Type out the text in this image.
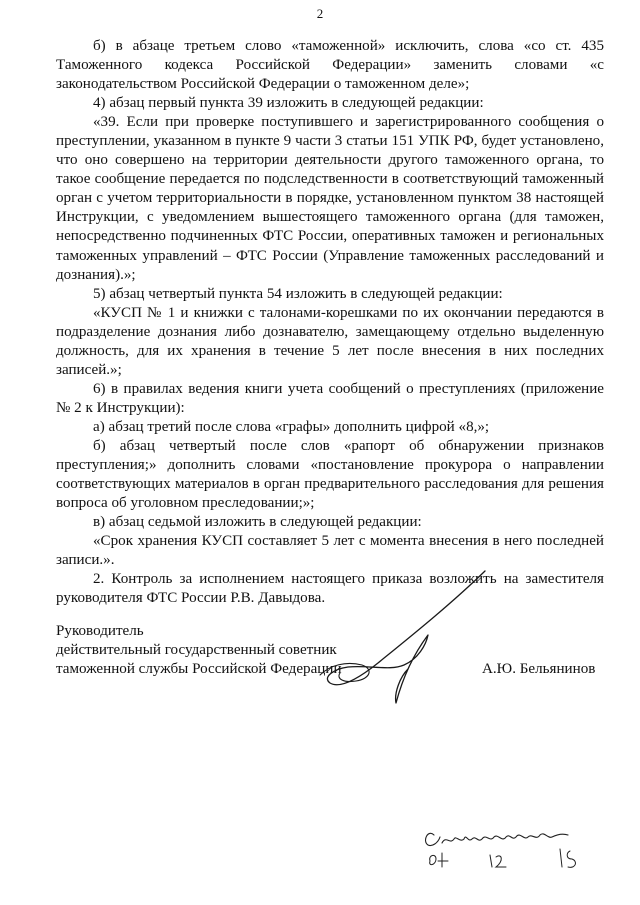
2

б) в абзаце третьем слово «таможенной» исключить, слова «со ст. 435 Таможенного кодекса Российской Федерации» заменить словами «с законодательством Российской Федерации о таможенном деле»;

4) абзац первый пункта 39 изложить в следующей редакции:

«39. Если при проверке поступившего и зарегистрированного сообщения о преступлении, указанном в пункте 9 части 3 статьи 151 УПК РФ, будет установлено, что оно совершено на территории деятельности другого таможенного органа, то такое сообщение передается по подследственности в соответствующий таможенный орган с учетом территориальности в порядке, установленном пунктом 38 настоящей Инструкции, с уведомлением вышестоящего таможенного органа (для таможен, непосредственно подчиненных ФТС России, оперативных таможен и региональных таможенных управлений – ФТС России (Управление таможенных расследований и дознания).»;

5) абзац четвертый пункта 54 изложить в следующей редакции:

«КУСП № 1 и книжки с талонами-корешками по их окончании передаются в подразделение дознания либо дознавателю, замещающему отдельно выделенную должность, для их хранения в течение 5 лет после внесения в них последних записей.»;

6) в правилах ведения книги учета сообщений о преступлениях (приложение № 2 к Инструкции):

а) абзац третий после слова «графы» дополнить цифрой «8,»;

б) абзац четвертый после слов «рапорт об обнаружении признаков преступления;» дополнить словами «постановление прокурора о направлении соответствующих материалов в орган предварительного расследования для решения вопроса об уголовном преследовании;»;

в) абзац седьмой изложить в следующей редакции:

«Срок хранения КУСП составляет 5 лет с момента внесения в него последней записи.».

2. Контроль за исполнением настоящего приказа возложить на заместителя руководителя ФТС России Р.В. Давыдова.

Руководитель
действительный государственный советник
таможенной службы Российской Федерации	А.Ю. Бельянинов
